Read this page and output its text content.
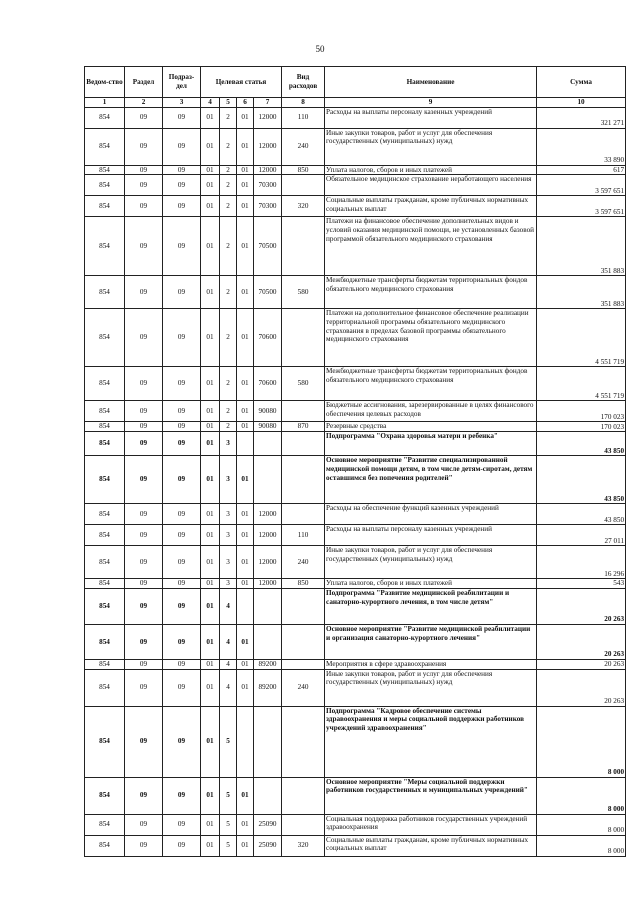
50
Ведом-ство	Раздел	Подраз-дел	Целевая статья				Вид расходов	Наименование	Сумма
1	2	3	4	5	6	7	8	9	10
854	09	09	01	2	01	12000	110	Расходы на выплаты персоналу казенных учреждений	321 271
854	09	09	01	2	01	12000	240	Иные закупки товаров, работ и услуг для обеспечения государственных (муниципальных) нужд	33 890
854	09	09	01	2	01	12000	850	Уплата налогов, сборов и иных платежей	617
854	09	09	01	2	01	70300		Обязательное медицинское страхование неработающего населения	3 597 651
854	09	09	01	2	01	70300	320	Социальные выплаты гражданам, кроме публичных нормативных социальных выплат	3 597 651
854	09	09	01	2	01	70500		Платежи на финансовое обеспечение дополнительных видов и условий оказания медицинской помощи, не установленных базовой программой обязательного медицинского страхования	351 883
854	09	09	01	2	01	70500	580	Межбюджетные трансферты бюджетам территориальных фондов обязательного медицинского страхования	351 883
854	09	09	01	2	01	70600		Платежи на дополнительное финансовое обеспечение реализации территориальной программы обязательного медицинского страхования в пределах базовой программы обязательного медицинского страхования	4 551 719
854	09	09	01	2	01	70600	580	Межбюджетные трансферты бюджетам территориальных фондов обязательного медицинского страхования	4 551 719
854	09	09	01	2	01	90080		Бюджетные ассигнования, зарезервированные в целях финансового обеспечения целевых расходов	170 023
854	09	09	01	2	01	90080	870	Резервные средства	170 023
854	09	09	01	3				Подпрограмма "Охрана здоровья матери и ребенка"	43 850
854	09	09	01	3	01			Основное мероприятие "Развитие специализированной медицинской помощи детям, в том числе детям-сиротам, детям оставшимся без попечения родителей"	43 850
854	09	09	01	3	01	12000		Расходы на обеспечение функций казенных учреждений	43 850
854	09	09	01	3	01	12000	110	Расходы на выплаты персоналу казенных учреждений	27 011
854	09	09	01	3	01	12000	240	Иные закупки товаров, работ и услуг для обеспечения государственных (муниципальных) нужд	16 296
854	09	09	01	3	01	12000	850	Уплата налогов, сборов и иных платежей	543
854	09	09	01	4				Подпрограмма "Развитие медицинской реабилитации и санаторно-курортного лечения, в том числе детям"	20 263
854	09	09	01	4	01			Основное мероприятие "Развитие медицинской реабилитации и организация санаторно-курортного лечения"	20 263
854	09	09	01	4	01	89200		Мероприятия в сфере здравоохранения	20 263
854	09	09	01	4	01	89200	240	Иные закупки товаров, работ и услуг для обеспечения государственных (муниципальных) нужд	20 263
854	09	09	01	5				Подпрограмма "Кадровое обеспечение системы здравоохранения и меры социальной поддержки работников учреждений здравоохранения"	8 000
854	09	09	01	5	01			Основное мероприятие "Меры социальной поддержки работников государственных и муниципальных учреждений"	8 000
854	09	09	01	5	01	25090		Социальная поддержка работников государственных учреждений здравоохранения	8 000
854	09	09	01	5	01	25090	320	Социальные выплаты гражданам, кроме публичных нормативных социальных выплат	8 000
